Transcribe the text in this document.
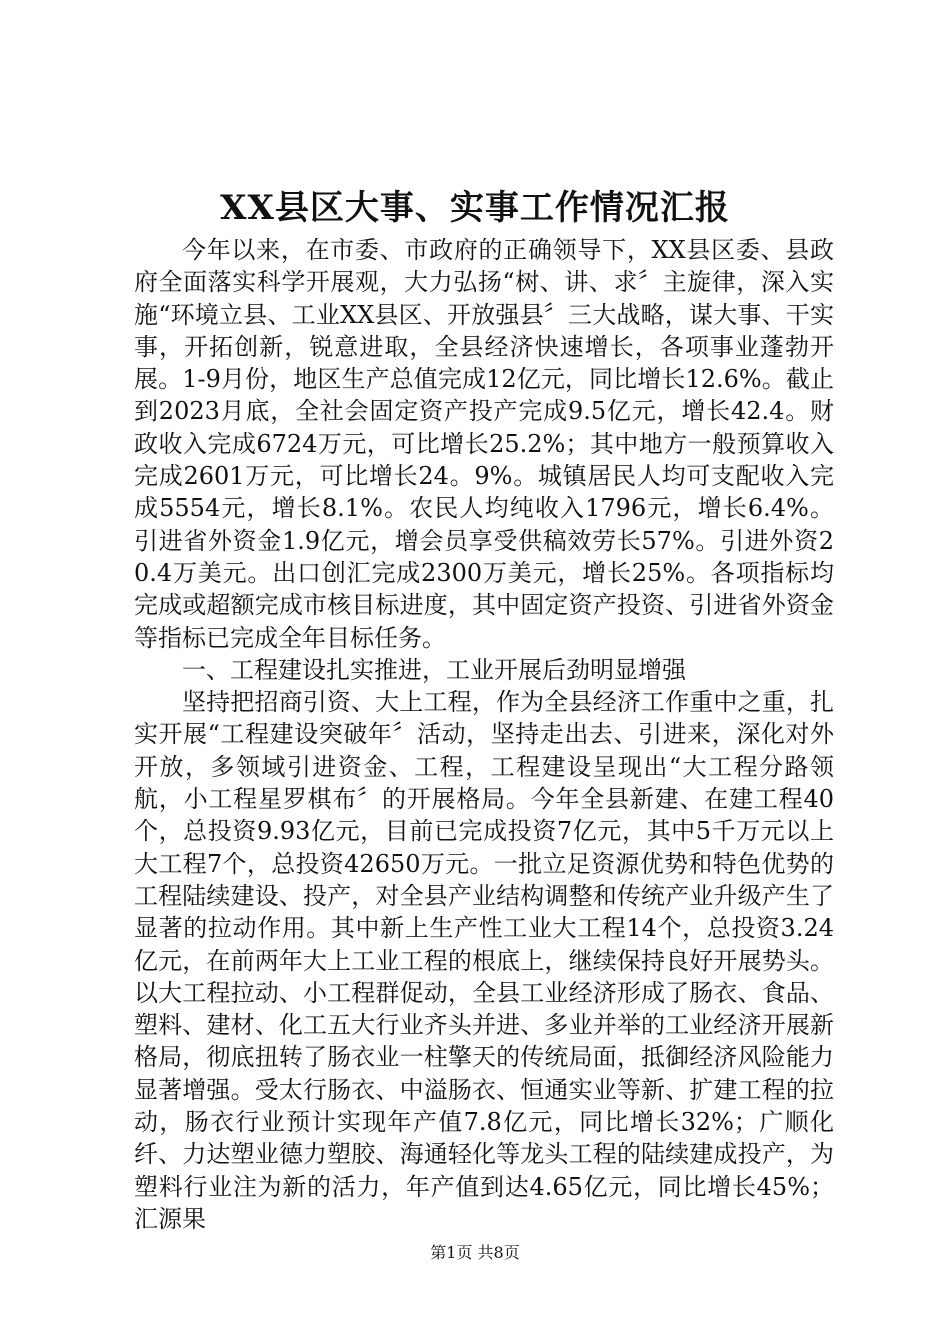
XX县区大事、实事工作情况汇报

今年以来，在市委、市政府的正确领导下，XX县区委、县政府全面落实科学开展观，大力弘扬“树、讲、求〞主旋律，深入实施“环境立县、工业XX县区、开放强县〞三大战略，谋大事、干实事，开拓创新，锐意进取，全县经济快速增长，各项事业蓬勃开展。1-9月份，地区生产总值完成12亿元，同比增长12.6%。截止到2023月底，全社会固定资产投产完成9.5亿元，增长42.4。财政收入完成6724万元，可比增长25.2%；其中地方一般预算收入完成2601万元，可比增长24。9%。城镇居民人均可支配收入完成5554元，增长8.1%。农民人均纯收入1796元，增长6.4%。引进省外资金1.9亿元，增会员享受供稿效劳长57%。引进外资20.4万美元。出口创汇完成2300万美元，增长25%。各项指标均完成或超额完成市核目标进度，其中固定资产投资、引进省外资金等指标已完成全年目标任务。

一、工程建设扎实推进，工业开展后劲明显增强

坚持把招商引资、大上工程，作为全县经济工作重中之重，扎实开展“工程建设突破年〞活动，坚持走出去、引进来，深化对外开放，多领域引进资金、工程，工程建设呈现出“大工程分路领航，小工程星罗棋布〞的开展格局。今年全县新建、在建工程40个，总投资9.93亿元，目前已完成投资7亿元，其中5千万元以上大工程7个，总投资42650万元。一批立足资源优势和特色优势的工程陆续建设、投产，对全县产业结构调整和传统产业升级产生了显著的拉动作用。其中新上生产性工业大工程14个，总投资3.24亿元，在前两年大上工业工程的根底上，继续保持良好开展势头。以大工程拉动、小工程群促动，全县工业经济形成了肠衣、食品、塑料、建材、化工五大行业齐头并进、多业并举的工业经济开展新格局，彻底扭转了肠衣业一柱擎天的传统局面，抵御经济风险能力显著增强。受太行肠衣、中溢肠衣、恒通实业等新、扩建工程的拉动，肠衣行业预计实现年产值7.8亿元，同比增长32%；广顺化纤、力达塑业德力塑胶、海通轻化等龙头工程的陆续建成投产，为塑料行业注为新的活力，年产值到达4.65亿元，同比增长45%；汇源果

第1页 共8页
